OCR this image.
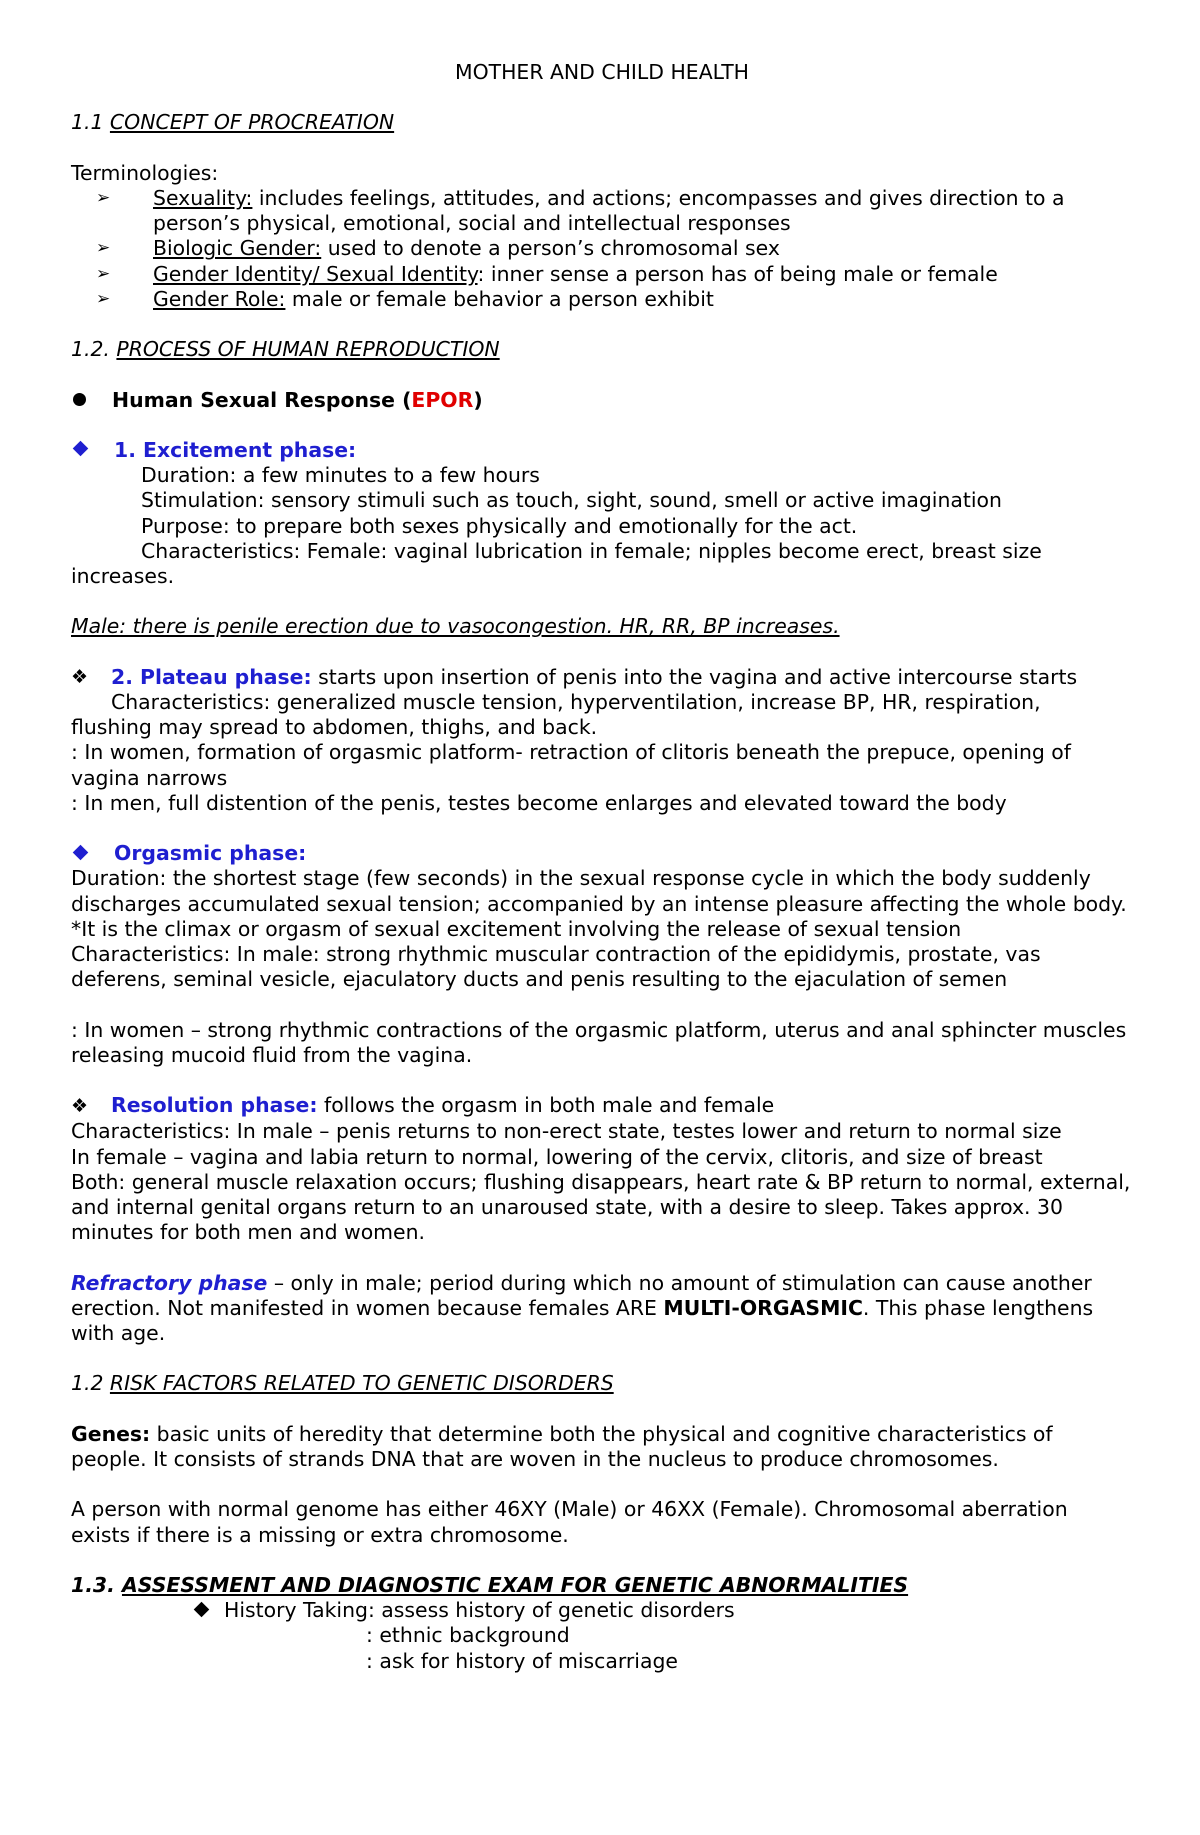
MOTHER AND CHILD HEALTH

1.1 CONCEPT OF PROCREATION

Terminologies:

➢	Sexuality: includes feelings, attitudes, and actions; encompasses and gives direction to a person’s physical, emotional, social and intellectual responses
➢	Biologic Gender: used to denote a person’s chromosomal sex
➢	Gender Identity/ Sexual Identity: inner sense a person has of being male or female
➢	Gender Role: male or female behavior a person exhibit

1.2. PROCESS OF HUMAN REPRODUCTION

Human Sexual Response (EPOR)

1. Excitement phase:

Duration: a few minutes to a few hours

Stimulation: sensory stimuli such as touch, sight, sound, smell or active imagination

Purpose: to prepare both sexes physically and emotionally for the act.

Characteristics: Female: vaginal lubrication in female; nipples become erect, breast size

increases.

Male: there is penile erection due to vasocongestion. HR, RR, BP increases.

❖	2. Plateau phase: starts upon insertion of penis into the vagina and active intercourse starts

Characteristics: generalized muscle tension, hyperventilation, increase BP, HR, respiration,

flushing may spread to abdomen, thighs, and back.

: In women, formation of orgasmic platform- retraction of clitoris beneath the prepuce, opening of vagina narrows

: In men, full distention of the penis, testes become enlarges and elevated toward the body

Orgasmic phase:

Duration: the shortest stage (few seconds) in the sexual response cycle in which the body suddenly discharges accumulated sexual tension; accompanied by an intense pleasure affecting the whole body.

*It is the climax or orgasm of sexual excitement involving the release of sexual tension

Characteristics: In male: strong rhythmic muscular contraction of the epididymis, prostate, vas deferens, seminal vesicle, ejaculatory ducts and penis resulting to the ejaculation of semen

: In women – strong rhythmic contractions of the orgasmic platform, uterus and anal sphincter muscles releasing mucoid fluid from the vagina.

❖ Resolution phase: follows the orgasm in both male and female

Characteristics: In male – penis returns to non-erect state, testes lower and return to normal size

In female – vagina and labia return to normal, lowering of the cervix, clitoris, and size of breast

Both: general muscle relaxation occurs; flushing disappears, heart rate & BP return to normal, external, and internal genital organs return to an unaroused state, with a desire to sleep. Takes approx. 30 minutes for both men and women.

Refractory phase – only in male; period during which no amount of stimulation can cause another erection. Not manifested in women because females ARE MULTI-ORGASMIC. This phase lengthens with age.

1.2 RISK FACTORS RELATED TO GENETIC DISORDERS

Genes: basic units of heredity that determine both the physical and cognitive characteristics of people. It consists of strands DNA that are woven in the nucleus to produce chromosomes.

A person with normal genome has either 46XY (Male) or 46XX (Female). Chromosomal aberration exists if there is a missing or extra chromosome.

1.3. ASSESSMENT AND DIAGNOSTIC EXAM FOR GENETIC ABNORMALITIES

History Taking: assess history of genetic disorders

: ethnic background

: ask for history of miscarriage
